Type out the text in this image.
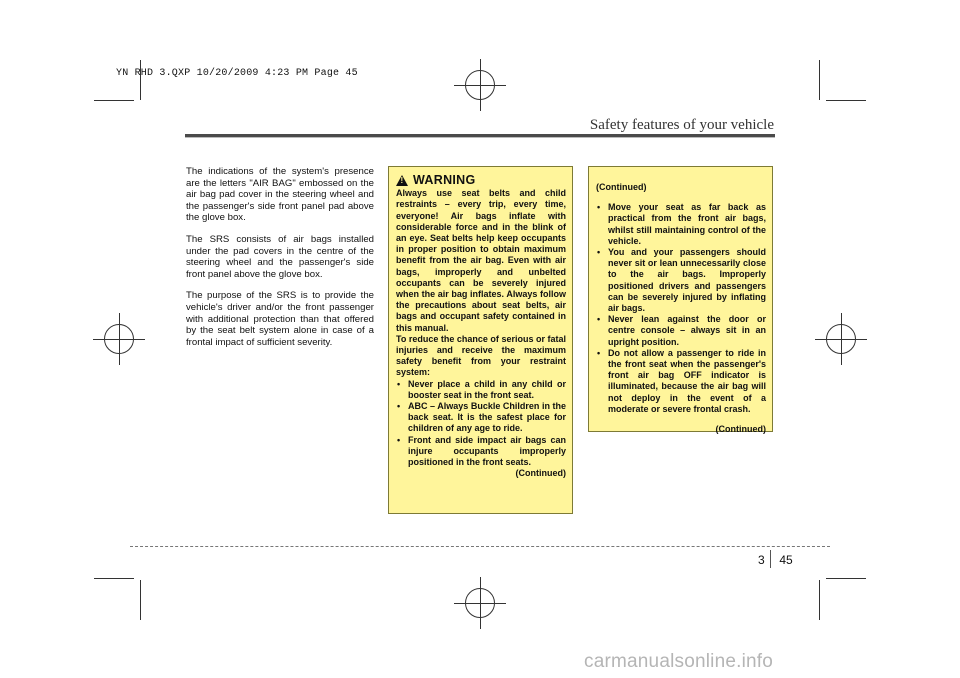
YN RHD 3.QXP 10/20/2009 4:23 PM Page 45
Safety features of your vehicle

The indications of the system's presence are the letters "AIR BAG" embossed on the air bag pad cover in the steering wheel and the passenger's side front panel pad above the glove box.

The SRS consists of air bags installed under the pad covers in the centre of the steering wheel and the passenger's side front panel above the glove box.

The purpose of the SRS is to provide the vehicle's driver and/or the front passenger with additional protection than that offered by the seat belt system alone in case of a frontal impact of sufficient severity.

! WARNING

Always use seat belts and child restraints – every trip, every time, everyone! Air bags inflate with considerable force and in the blink of an eye. Seat belts help keep occupants in proper position to obtain maximum benefit from the air bag. Even with air bags, improperly and unbelted occupants can be severely injured when the air bag inflates. Always follow the precautions about seat belts, air bags and occupant safety contained in this manual.

To reduce the chance of serious or fatal injuries and receive the maximum safety benefit from your restraint system:

• Never place a child in any child or booster seat in the front seat.
• ABC – Always Buckle Children in the back seat. It is the safest place for children of any age to ride.
• Front and side impact air bags can injure occupants improperly positioned in the front seats.

(Continued)

(Continued)

• Move your seat as far back as practical from the front air bags, whilst still maintaining control of the vehicle.
• You and your passengers should never sit or lean unnecessarily close to the air bags. Improperly positioned drivers and passengers can be severely injured by inflating air bags.
• Never lean against the door or centre console – always sit in an upright position.
• Do not allow a passenger to ride in the front seat when the passenger's front air bag OFF indicator is illuminated, because the air bag will not deploy in the event of a moderate or severe frontal crash.

(Continued)

3 45
carmanualsonline.info
